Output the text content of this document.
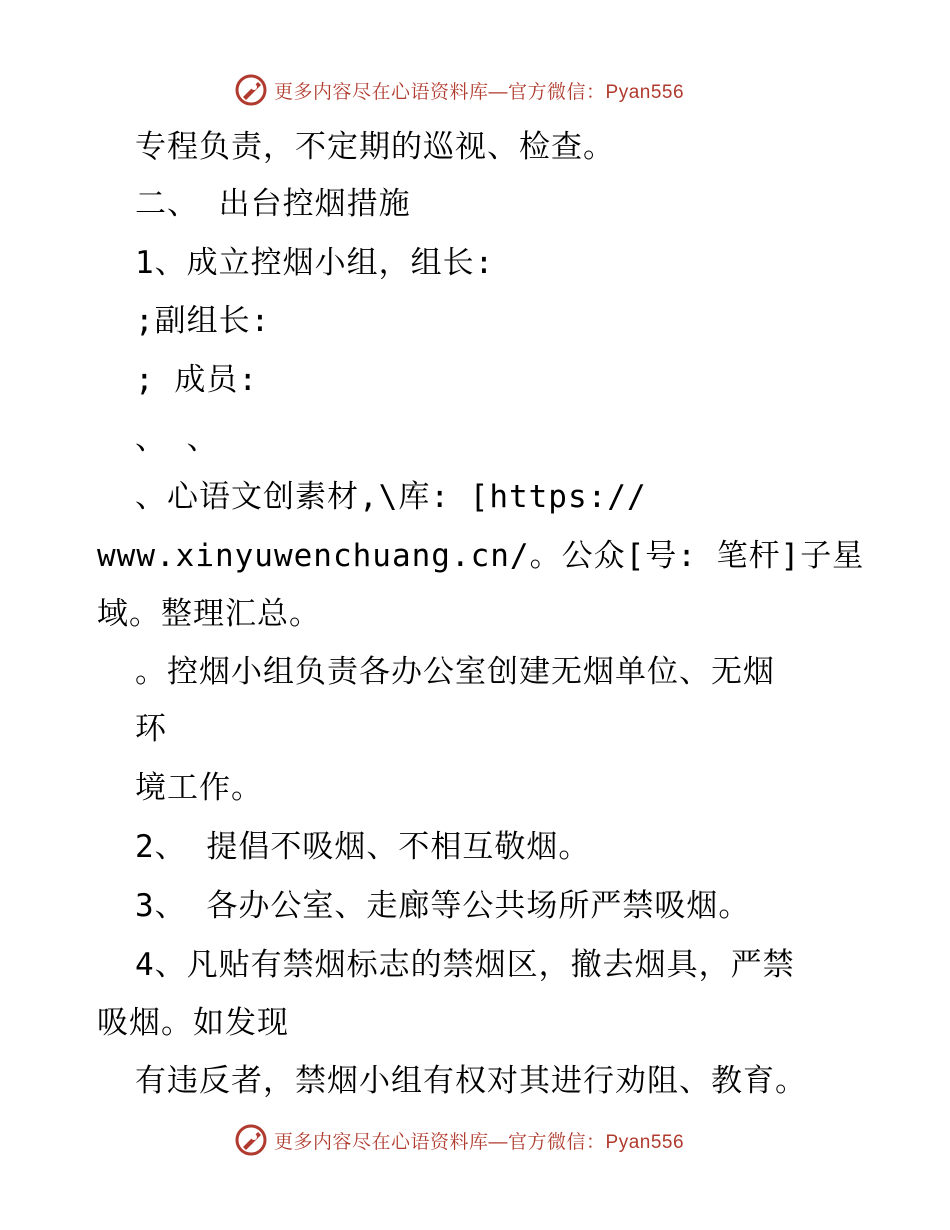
更多内容尽在心语资料库—官方微信：Pyan556
专程负责，不定期的巡视、检查。
二、 出台控烟措施
1、成立控烟小组，组长:
;副组长:
; 成员:
、 、
、心语文创素材,\库: [https://
www.xinyuwenchuang.cn/。公众[号: 笔杆]子星
域。整理汇总。
。控烟小组负责各办公室创建无烟单位、无烟
环
境工作。
2、 提倡不吸烟、不相互敬烟。
3、 各办公室、走廊等公共场所严禁吸烟。
4、凡贴有禁烟标志的禁烟区，撤去烟具，严禁
吸烟。如发现
有违反者，禁烟小组有权对其进行劝阻、教育。
更多内容尽在心语资料库—官方微信：Pyan556
